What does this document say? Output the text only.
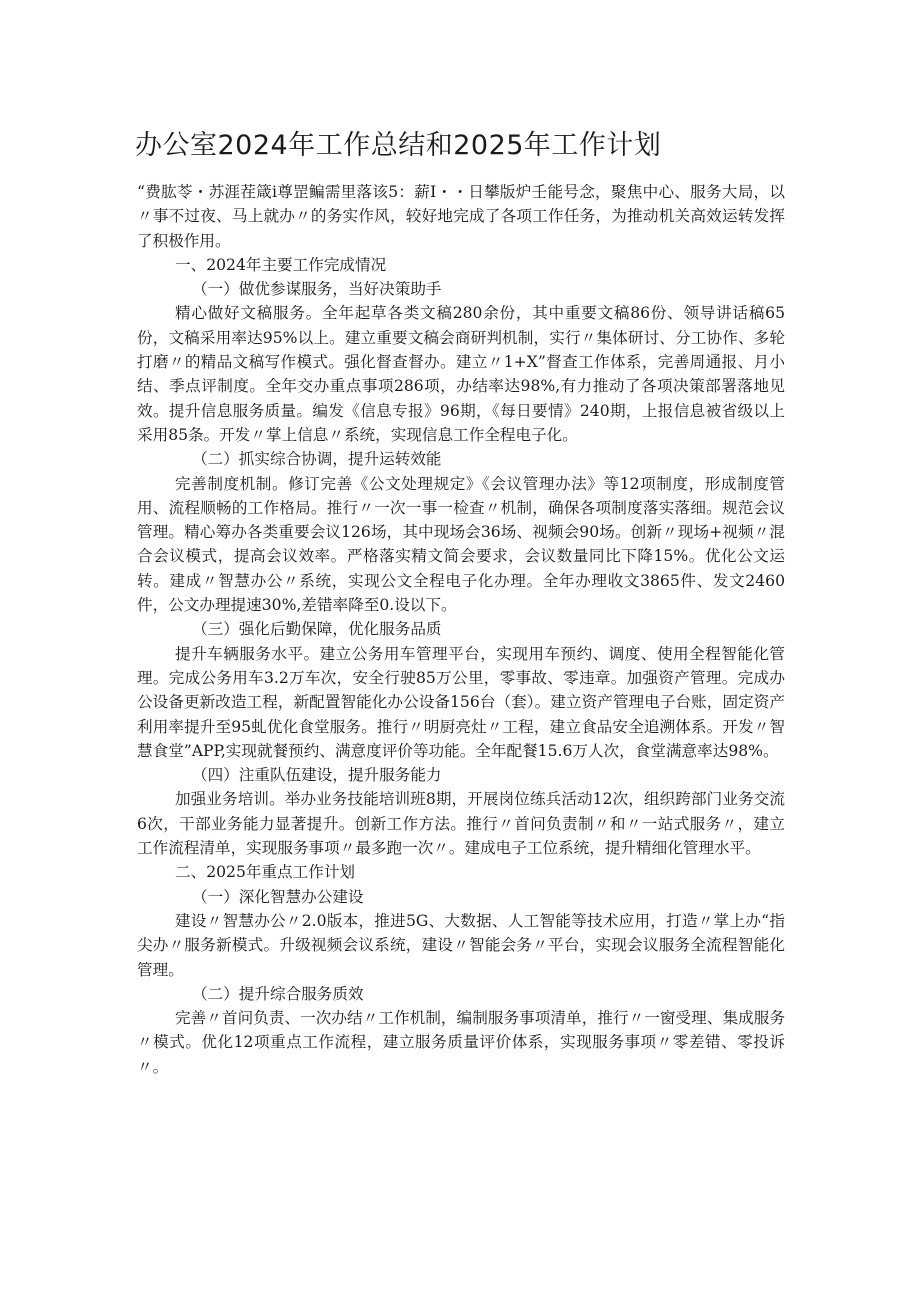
办公室2024年工作总结和2025年工作计划

“费肱苓・苏涯茬箴i尊罡鳊需里落该5：薪I・・日攀版炉壬能号念，聚焦中心、服务大局，以〃事不过夜、马上就办〃的务实作风，较好地完成了各项工作任务，为推动机关高效运转发挥了积极作用。

一、2024年主要工作完成情况

（一）做优参谋服务，当好决策助手

精心做好文稿服务。全年起草各类文稿280余份，其中重要文稿86份、领导讲话稿65份，文稿采用率达95%以上。建立重要文稿会商研判机制，实行〃集体研讨、分工协作、多轮打磨〃的精品文稿写作模式。强化督查督办。建立〃1+X”督查工作体系，完善周通报、月小结、季点评制度。全年交办重点事项286项，办结率达98%,有力推动了各项决策部署落地见效。提升信息服务质量。编发《信息专报》96期，《每日要情》240期，上报信息被省级以上采用85条。开发〃掌上信息〃系统，实现信息工作全程电子化。

（二）抓实综合协调，提升运转效能

完善制度机制。修订完善《公文处理规定》《会议管理办法》等12项制度，形成制度管用、流程顺畅的工作格局。推行〃一次一事一检查〃机制，确保各项制度落实落细。规范会议管理。精心筹办各类重要会议126场，其中现场会36场、视频会90场。创新〃现场+视频〃混合会议模式，提高会议效率。严格落实精文简会要求，会议数量同比下降15%。优化公文运转。建成〃智慧办公〃系统，实现公文全程电子化办理。全年办理收文3865件、发文2460件，公文办理提速30%,差错率降至0.设以下。

（三）强化后勤保障，优化服务品质

提升车辆服务水平。建立公务用车管理平台，实现用车预约、调度、使用全程智能化管理。完成公务用车3.2万车次，安全行驶85万公里，零事故、零违章。加强资产管理。完成办公设备更新改造工程，新配置智能化办公设备156台（套）。建立资产管理电子台账，固定资产利用率提升至95虬优化食堂服务。推行〃明厨亮灶〃工程，建立食品安全追溯体系。开发〃智慧食堂”APP,实现就餐预约、满意度评价等功能。全年配餐15.6万人次，食堂满意率达98%。

（四）注重队伍建设，提升服务能力

加强业务培训。举办业务技能培训班8期，开展岗位练兵活动12次，组织跨部门业务交流6次，干部业务能力显著提升。创新工作方法。推行〃首问负责制〃和〃一站式服务〃，建立工作流程清单，实现服务事项〃最多跑一次〃。建成电子工位系统，提升精细化管理水平。

二、2025年重点工作计划

（一）深化智慧办公建设

建设〃智慧办公〃2.0版本，推进5G、大数据、人工智能等技术应用，打造〃掌上办“指尖办〃服务新模式。升级视频会议系统，建设〃智能会务〃平台，实现会议服务全流程智能化管理。

（二）提升综合服务质效

完善〃首问负责、一次办结〃工作机制，编制服务事项清单，推行〃一窗受理、集成服务〃模式。优化12项重点工作流程，建立服务质量评价体系，实现服务事项〃零差错、零投诉〃。
